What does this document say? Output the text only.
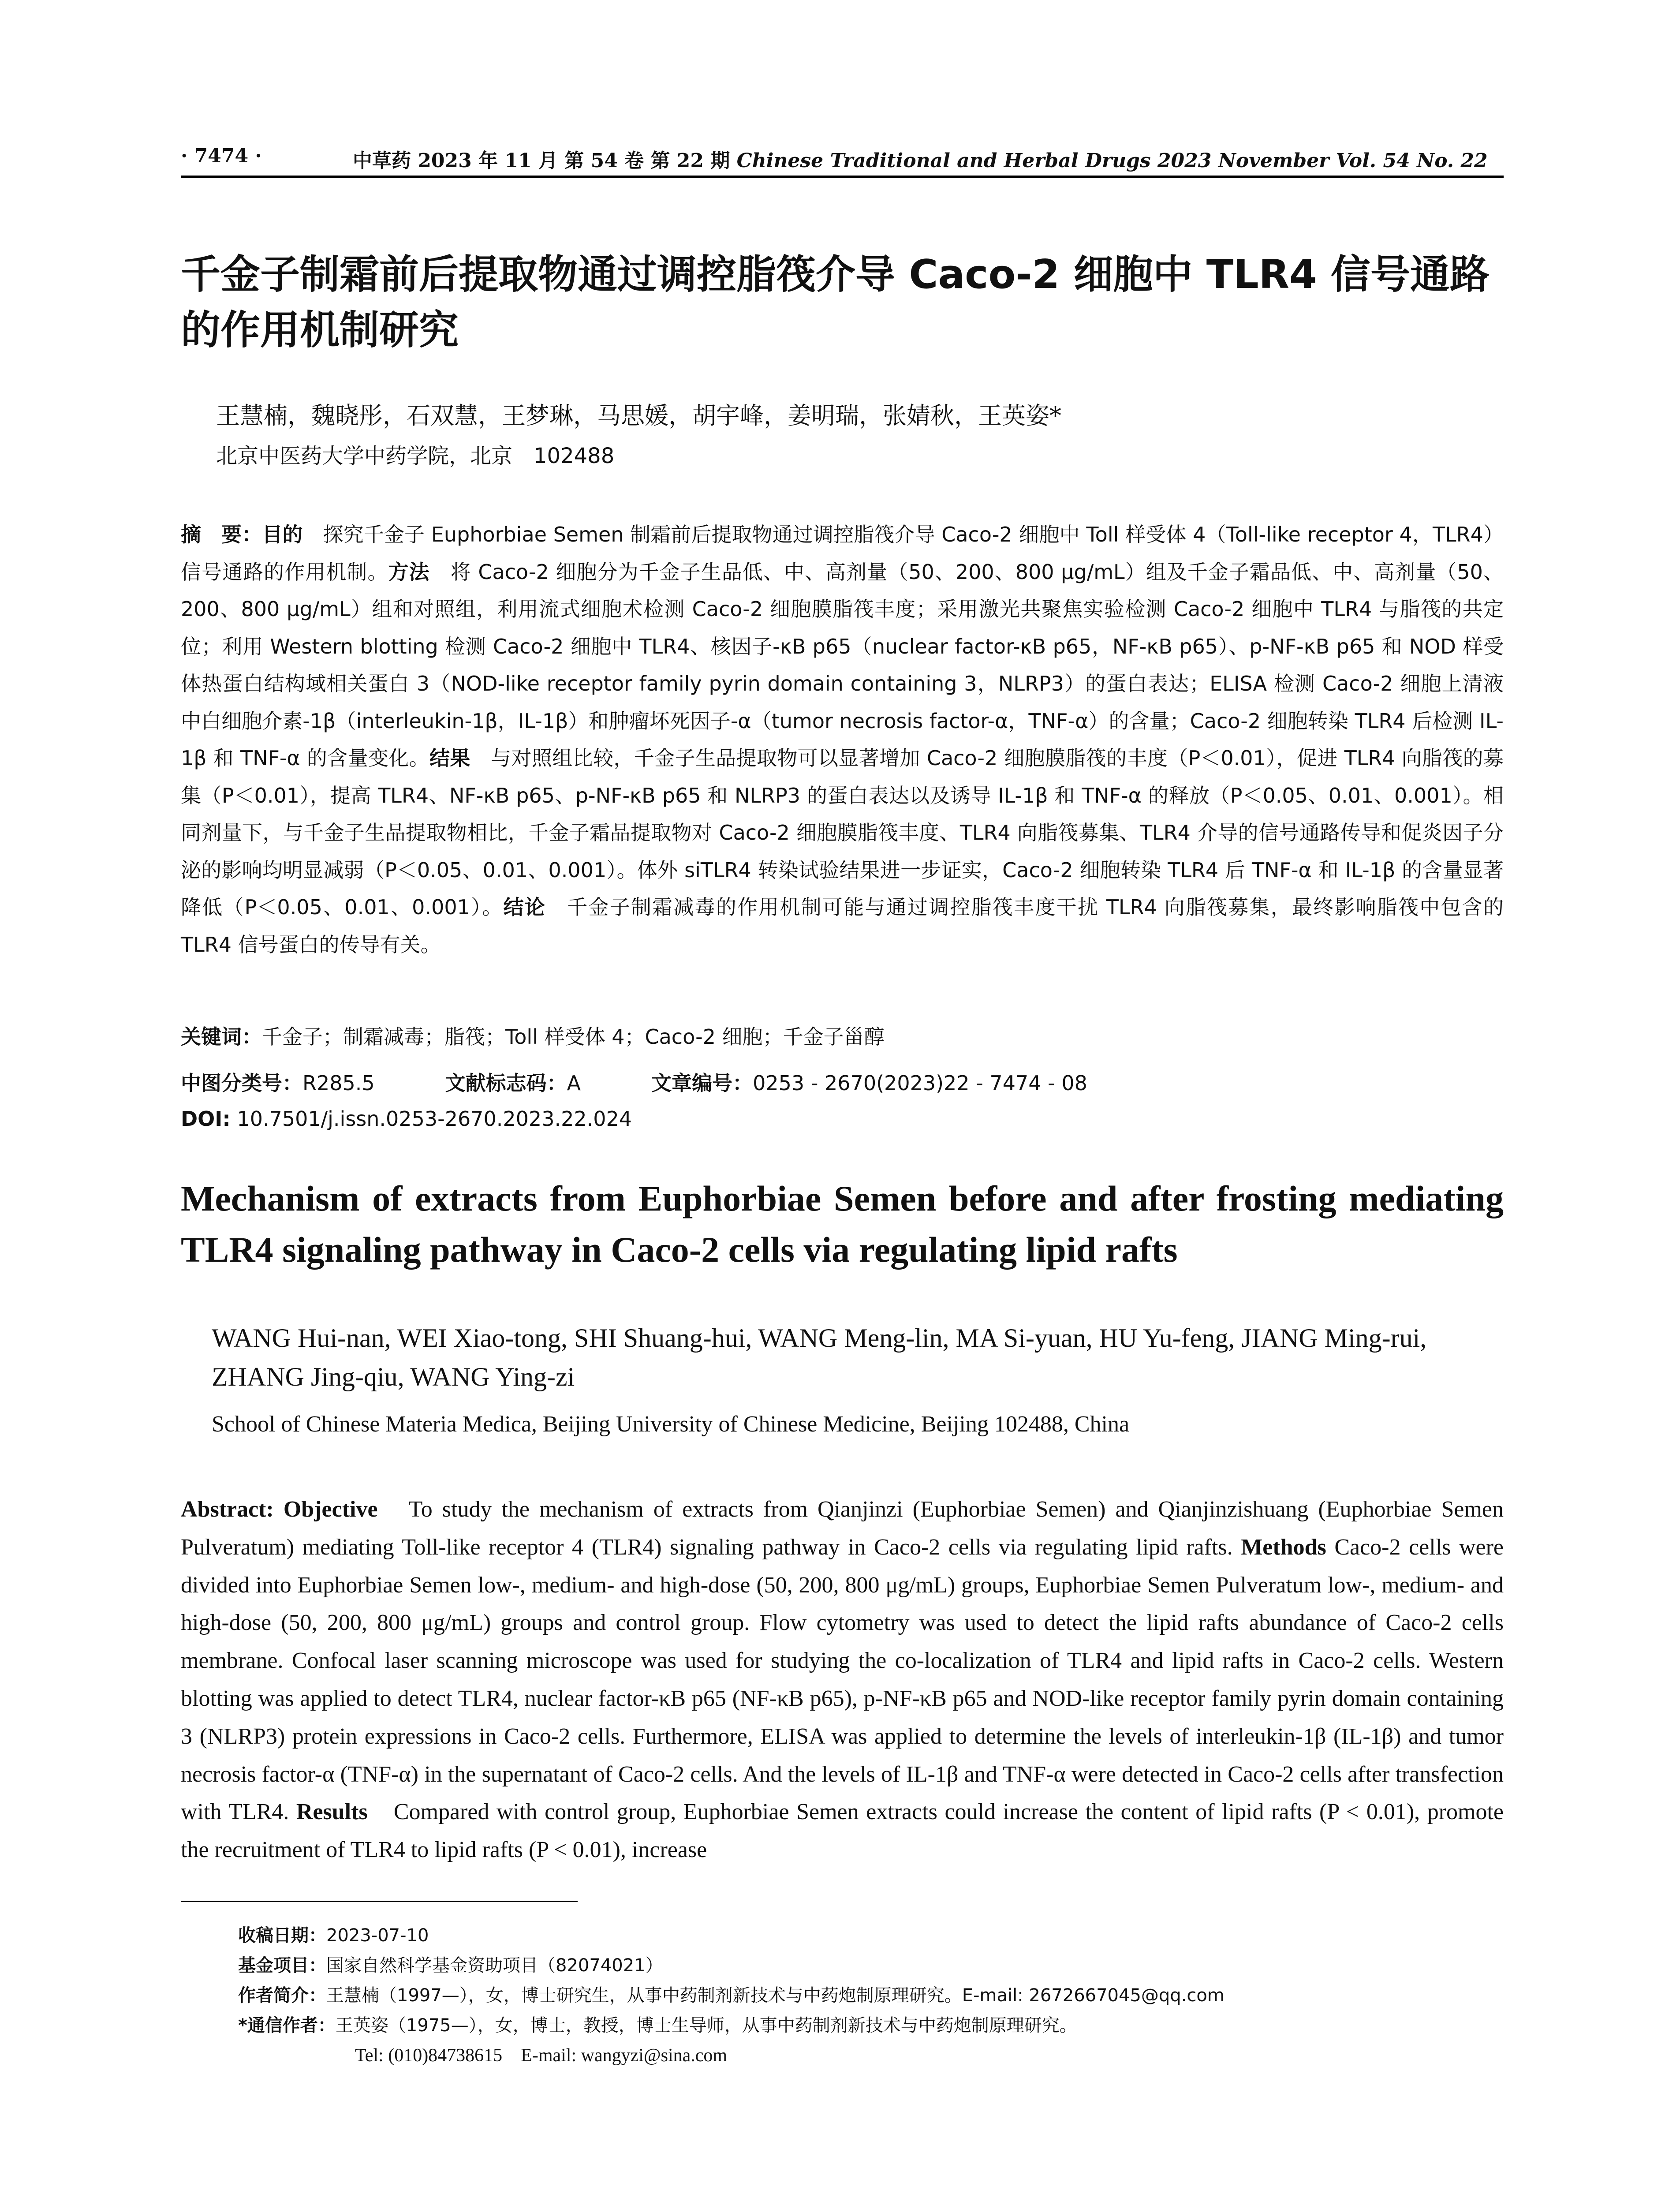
· 7474 ·	中草药 2023 年 11 月 第 54 卷 第 22 期 Chinese Traditional and Herbal Drugs 2023 November Vol. 54 No. 22
千金子制霜前后提取物通过调控脂筏介导 Caco-2 细胞中 TLR4 信号通路的作用机制研究

王慧楠，魏晓彤，石双慧，王梦琳，马思媛，胡宇峰，姜明瑞，张婧秋，王英姿*

北京中医药大学中药学院，北京　102488

摘　要：目的　探究千金子 Euphorbiae Semen 制霜前后提取物通过调控脂筏介导 Caco-2 细胞中 Toll 样受体 4（Toll-like receptor 4，TLR4）信号通路的作用机制。方法　将 Caco-2 细胞分为千金子生品低、中、高剂量（50、200、800 μg/mL）组及千金子霜品低、中、高剂量（50、200、800 μg/mL）组和对照组，利用流式细胞术检测 Caco-2 细胞膜脂筏丰度；采用激光共聚焦实验检测 Caco-2 细胞中 TLR4 与脂筏的共定位；利用 Western blotting 检测 Caco-2 细胞中 TLR4、核因子-κB p65（nuclear factor-κB p65，NF-κB p65）、p-NF-κB p65 和 NOD 样受体热蛋白结构域相关蛋白 3（NOD-like receptor family pyrin domain containing 3，NLRP3）的蛋白表达；ELISA 检测 Caco-2 细胞上清液中白细胞介素-1β（interleukin-1β，IL-1β）和肿瘤坏死因子-α（tumor necrosis factor-α，TNF-α）的含量；Caco-2 细胞转染 TLR4 后检测 IL-1β 和 TNF-α 的含量变化。结果　与对照组比较，千金子生品提取物可以显著增加 Caco-2 细胞膜脂筏的丰度（P＜0.01），促进 TLR4 向脂筏的募集（P＜0.01），提高 TLR4、NF-κB p65、p-NF-κB p65 和 NLRP3 的蛋白表达以及诱导 IL-1β 和 TNF-α 的释放（P＜0.05、0.01、0.001）。相同剂量下，与千金子生品提取物相比，千金子霜品提取物对 Caco-2 细胞膜脂筏丰度、TLR4 向脂筏募集、TLR4 介导的信号通路传导和促炎因子分泌的影响均明显减弱（P＜0.05、0.01、0.001）。体外 siTLR4 转染试验结果进一步证实，Caco-2 细胞转染 TLR4 后 TNF-α 和 IL-1β 的含量显著降低（P＜0.05、0.01、0.001）。结论　千金子制霜减毒的作用机制可能与通过调控脂筏丰度干扰 TLR4 向脂筏募集，最终影响脂筏中包含的 TLR4 信号蛋白的传导有关。

关键词：千金子；制霜减毒；脂筏；Toll 样受体 4；Caco-2 细胞；千金子甾醇

中图分类号：R285.5	文献标志码：A	文章编号：0253 - 2670(2023)22 - 7474 - 08

DOI: 10.7501/j.issn.0253-2670.2023.22.024

Mechanism of extracts from Euphorbiae Semen before and after frosting mediating TLR4 signaling pathway in Caco-2 cells via regulating lipid rafts

WANG Hui-nan, WEI Xiao-tong, SHI Shuang-hui, WANG Meng-lin, MA Si-yuan, HU Yu-feng, JIANG Ming-rui, ZHANG Jing-qiu, WANG Ying-zi

School of Chinese Materia Medica, Beijing University of Chinese Medicine, Beijing 102488, China

Abstract: Objective　To study the mechanism of extracts from Qianjinzi (Euphorbiae Semen) and Qianjinzishuang (Euphorbiae Semen Pulveratum) mediating Toll-like receptor 4 (TLR4) signaling pathway in Caco-2 cells via regulating lipid rafts. Methods Caco-2 cells were divided into Euphorbiae Semen low-, medium- and high-dose (50, 200, 800 μg/mL) groups, Euphorbiae Semen Pulveratum low-, medium- and high-dose (50, 200, 800 μg/mL) groups and control group. Flow cytometry was used to detect the lipid rafts abundance of Caco-2 cells membrane. Confocal laser scanning microscope was used for studying the co-localization of TLR4 and lipid rafts in Caco-2 cells. Western blotting was applied to detect TLR4, nuclear factor-κB p65 (NF-κB p65), p-NF-κB p65 and NOD-like receptor family pyrin domain containing 3 (NLRP3) protein expressions in Caco-2 cells. Furthermore, ELISA was applied to determine the levels of interleukin-1β (IL-1β) and tumor necrosis factor-α (TNF-α) in the supernatant of Caco-2 cells. And the levels of IL-1β and TNF-α were detected in Caco-2 cells after transfection with TLR4. Results　Compared with control group, Euphorbiae Semen extracts could increase the content of lipid rafts (P < 0.01), promote the recruitment of TLR4 to lipid rafts (P < 0.01), increase

收稿日期：2023-07-10
基金项目：国家自然科学基金资助项目（82074021）
作者简介：王慧楠（1997—），女，博士研究生，从事中药制剂新技术与中药炮制原理研究。E-mail: 2672667045@qq.com
*通信作者：王英姿（1975—），女，博士，教授，博士生导师，从事中药制剂新技术与中药炮制原理研究。
Tel: (010)84738615　E-mail: wangyzi@sina.com
